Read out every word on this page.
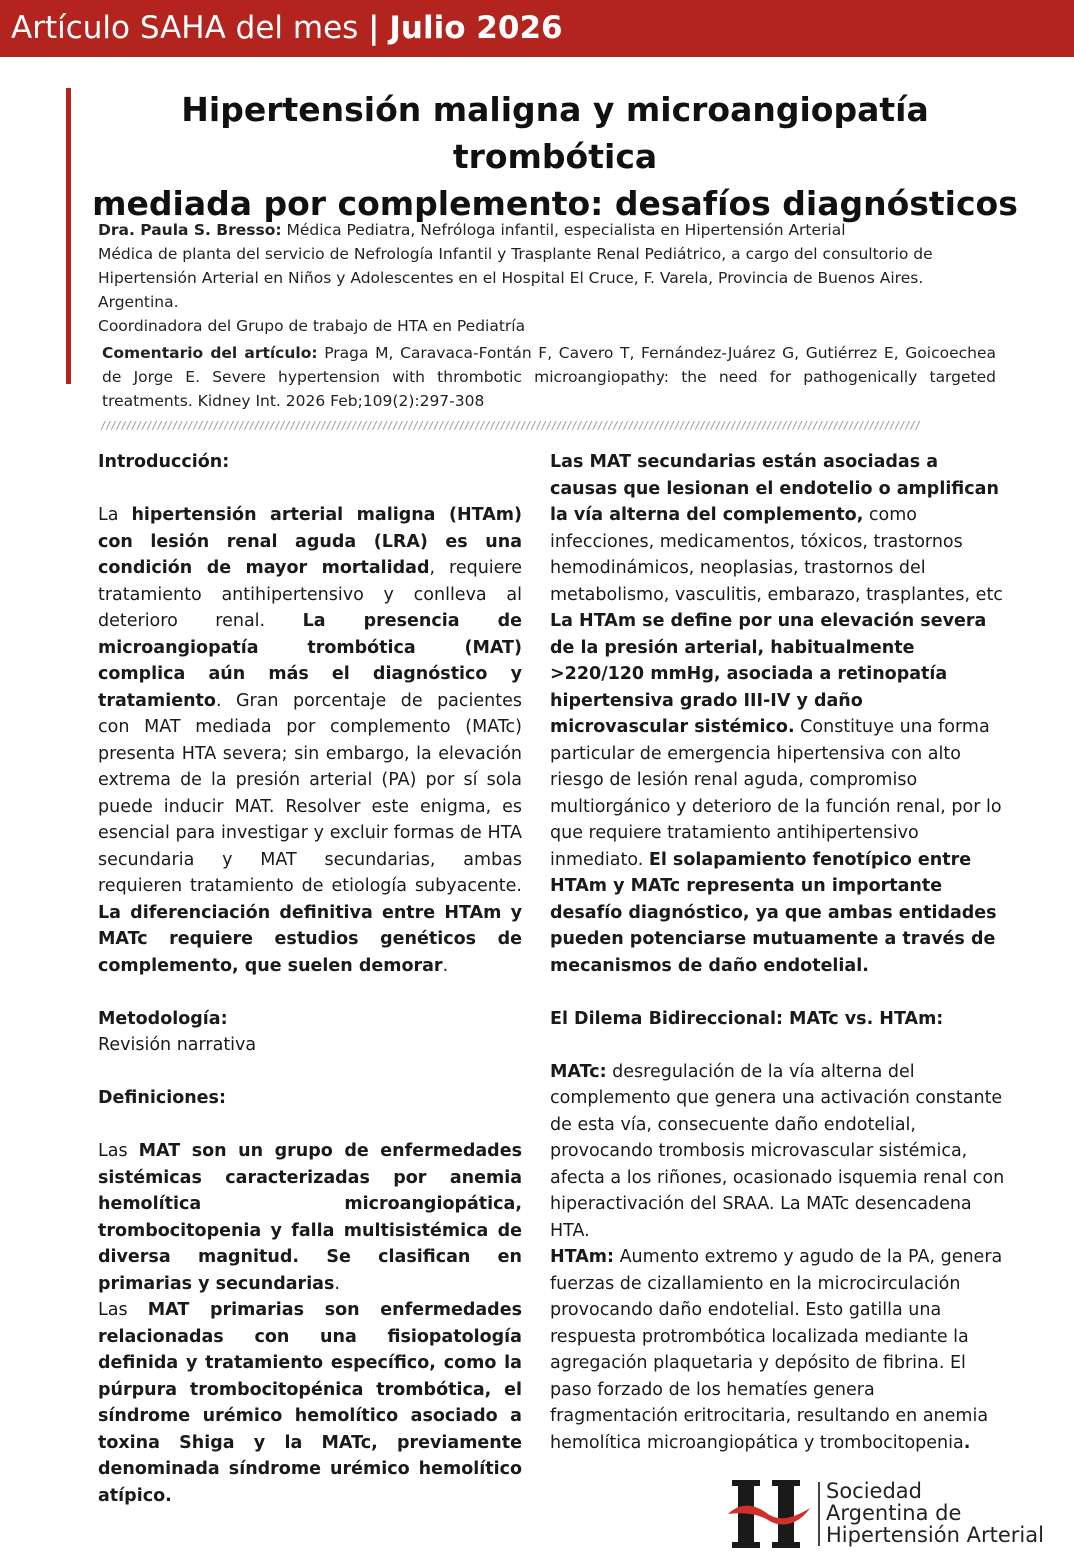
Artículo SAHA del mes | Julio 2026
Hipertensión maligna y microangiopatía trombótica
mediada por complemento: desafíos diagnósticos

Dra. Paula S. Bresso: Médica Pediatra, Nefróloga infantil, especialista en Hipertensión Arterial

Médica de planta del servicio de Nefrología Infantil y Trasplante Renal Pediátrico, a cargo del consultorio de Hipertensión Arterial en Niños y Adolescentes en el Hospital El Cruce, F. Varela, Provincia de Buenos Aires. Argentina.

Coordinadora del Grupo de trabajo de HTA en Pediatría

Comentario del artículo: Praga M, Caravaca-Fontán F, Cavero T, Fernández-Juárez G, Gutiérrez E, Goicoechea de Jorge E. Severe hypertension with thrombotic microangiopathy: the need for pathogenically targeted treatments. Kidney Int. 2026 Feb;109(2):297-308
////////////////////////////////////////////////////////////////////////////////////////////////////////////////////////////////////////////////////////////////

Introducción:

La hipertensión arterial maligna (HTAm) con lesión renal aguda (LRA) es una condición de mayor mortalidad, requiere tratamiento antihipertensivo y conlleva al deterioro renal. La presencia de microangiopatía trombótica (MAT) complica aún más el diagnóstico y tratamiento. Gran porcentaje de pacientes con MAT mediada por complemento (MATc) presenta HTA severa; sin embargo, la elevación extrema de la presión arterial (PA) por sí sola puede inducir MAT. Resolver este enigma, es esencial para investigar y excluir formas de HTA secundaria y MAT secundarias, ambas requieren tratamiento de etiología subyacente. La diferenciación definitiva entre HTAm y MATc requiere estudios genéticos de complemento, que suelen demorar.

Metodología:

Revisión narrativa

Definiciones:

Las MAT son un grupo de enfermedades sistémicas caracterizadas por anemia hemolítica microangiopática, trombocitopenia y falla multisistémica de diversa magnitud. Se clasifican en primarias y secundarias.

Las MAT primarias son enfermedades relacionadas con una fisiopatología definida y tratamiento específico, como la púrpura trombocitopénica trombótica, el síndrome urémico hemolítico asociado a toxina Shiga y la MATc, previamente denominada síndrome urémico hemolítico atípico.

Las MAT secundarias están asociadas a causas que lesionan el endotelio o amplifican la vía alterna del complemento, como infecciones, medicamentos, tóxicos, trastornos hemodinámicos, neoplasias, trastornos del metabolismo, vasculitis, embarazo, trasplantes, etc

La HTAm se define por una elevación severa de la presión arterial, habitualmente >220/120 mmHg, asociada a retinopatía hipertensiva grado III-IV y daño microvascular sistémico. Constituye una forma particular de emergencia hipertensiva con alto riesgo de lesión renal aguda, compromiso multiorgánico y deterioro de la función renal, por lo que requiere tratamiento antihipertensivo inmediato. El solapamiento fenotípico entre HTAm y MATc representa un importante desafío diagnóstico, ya que ambas entidades pueden potenciarse mutuamente a través de mecanismos de daño endotelial.

El Dilema Bidireccional: MATc vs. HTAm:

MATc: desregulación de la vía alterna del complemento que genera una activación constante de esta vía, consecuente daño endotelial, provocando trombosis microvascular sistémica, afecta a los riñones, ocasionado isquemia renal con hiperactivación del SRAA. La MATc desencadena HTA.

HTAm: Aumento extremo y agudo de la PA, genera fuerzas de cizallamiento en la microcirculación provocando daño endotelial. Esto gatilla una respuesta protrombótica localizada mediante la agregación plaquetaria y depósito de fibrina. El paso forzado de los hematíes genera fragmentación eritrocitaria, resultando en anemia hemolítica microangiopática y trombocitopenia.

Sociedad
Argentina de
Hipertensión Arterial
